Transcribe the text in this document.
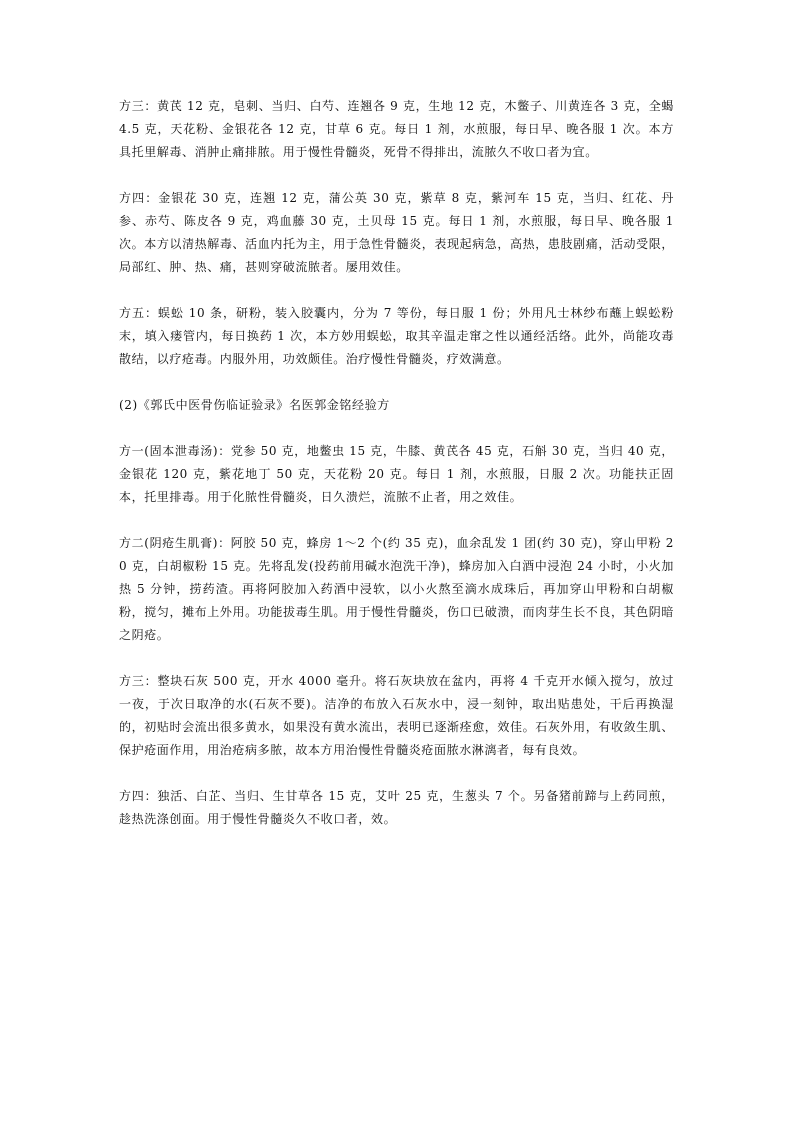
方三：黄芪 12 克，皂刺、当归、白芍、连翘各 9 克，生地 12 克，木鳖子、川黄连各 3 克，全蝎 4.5 克，天花粉、金银花各 12 克，甘草 6 克。每日 1 剂，水煎服，每日早、晚各服 1 次。本方具托里解毒、消肿止痛排脓。用于慢性骨髓炎，死骨不得排出，流脓久不收口者为宜。

方四：金银花 30 克，连翘 12 克，蒲公英 30 克，紫草 8 克，紫河车 15 克，当归、红花、丹参、赤芍、陈皮各 9 克，鸡血藤 30 克，土贝母 15 克。每日 1 剂，水煎服，每日早、晚各服 1 次。本方以清热解毒、活血内托为主，用于急性骨髓炎，表现起病急，高热，患肢剧痛，活动受限，局部红、肿、热、痛，甚则穿破流脓者。屡用效佳。

方五：蜈蚣 10 条，研粉，装入胶囊内，分为 7 等份，每日服 1 份；外用凡士林纱布蘸上蜈蚣粉末，填入瘘管内，每日换药 1 次，本方妙用蜈蚣，取其辛温走窜之性以通经活络。此外，尚能攻毒散结，以疗疮毒。内服外用，功效颇佳。治疗慢性骨髓炎，疗效满意。

(2)《郭氏中医骨伤临证验录》名医郭金铭经验方

方一(固本泄毒汤)：党参 50 克，地鳖虫 15 克，牛膝、黄芪各 45 克，石斛 30 克，当归 40 克，金银花 120 克，紫花地丁 50 克，天花粉 20 克。每日 1 剂，水煎服，日服 2 次。功能扶正固本，托里排毒。用于化脓性骨髓炎，日久溃烂，流脓不止者，用之效佳。

方二(阴疮生肌膏)：阿胶 50 克，蜂房 1～2 个(约 35 克)，血余乱发 1 团(约 30 克)，穿山甲粉 20 克，白胡椒粉 15 克。先将乱发(投药前用碱水泡洗干净)，蜂房加入白酒中浸泡 24 小时，小火加热 5 分钟，捞药渣。再将阿胶加入药酒中浸软，以小火熬至滴水成珠后，再加穿山甲粉和白胡椒粉，搅匀，摊布上外用。功能拔毒生肌。用于慢性骨髓炎，伤口已破溃，而肉芽生长不良，其色阴暗之阴疮。

方三：整块石灰 500 克，开水 4000 毫升。将石灰块放在盆内，再将 4 千克开水倾入搅匀，放过一夜，于次日取净的水(石灰不要)。洁净的布放入石灰水中，浸一刻钟，取出贴患处，干后再换湿的，初贴时会流出很多黄水，如果没有黄水流出，表明已逐渐痊愈，效佳。石灰外用，有收敛生肌、保护疮面作用，用治疮病多脓，故本方用治慢性骨髓炎疮面脓水淋漓者，每有良效。

方四：独活、白芷、当归、生甘草各 15 克，艾叶 25 克，生葱头 7 个。另备猪前蹄与上药同煎，趁热洗涤创面。用于慢性骨髓炎久不收口者，效。
